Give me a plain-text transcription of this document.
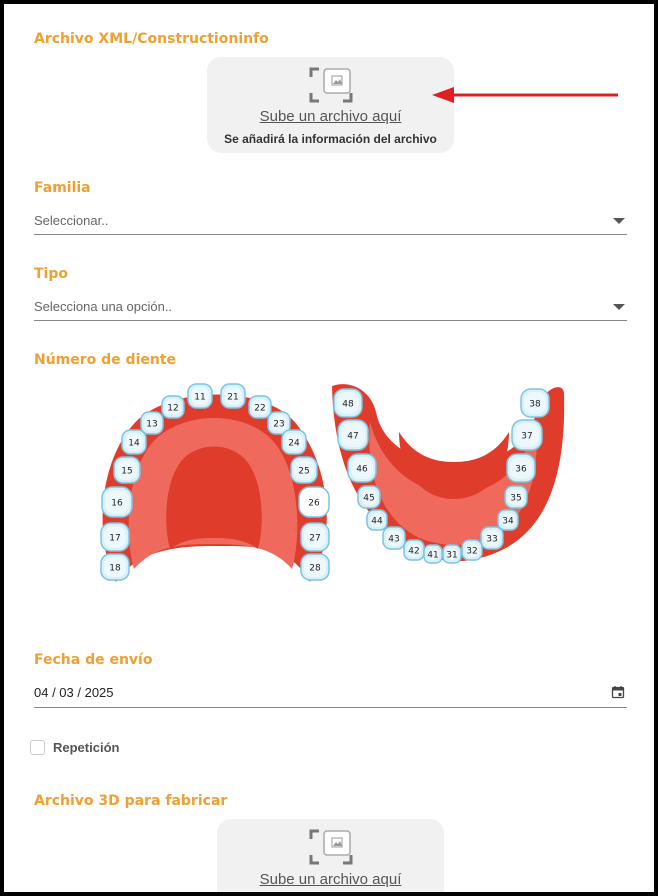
Archivo XML/Constructioninfo
Sube un archivo aquí
Se añadirá la información del archivo
Familia
Seleccionar..
Tipo
Selecciona una opción..
Número de diente
11 21
12	22
13	23
14	24
15	25
16	26
17	27
18	28
48	38
47	37
46	36
45	35
44	34
43	33
42	32
41 31
Fecha de envío
04 / 03 / 2025
Repetición
Archivo 3D para fabricar
Sube un archivo aquí
